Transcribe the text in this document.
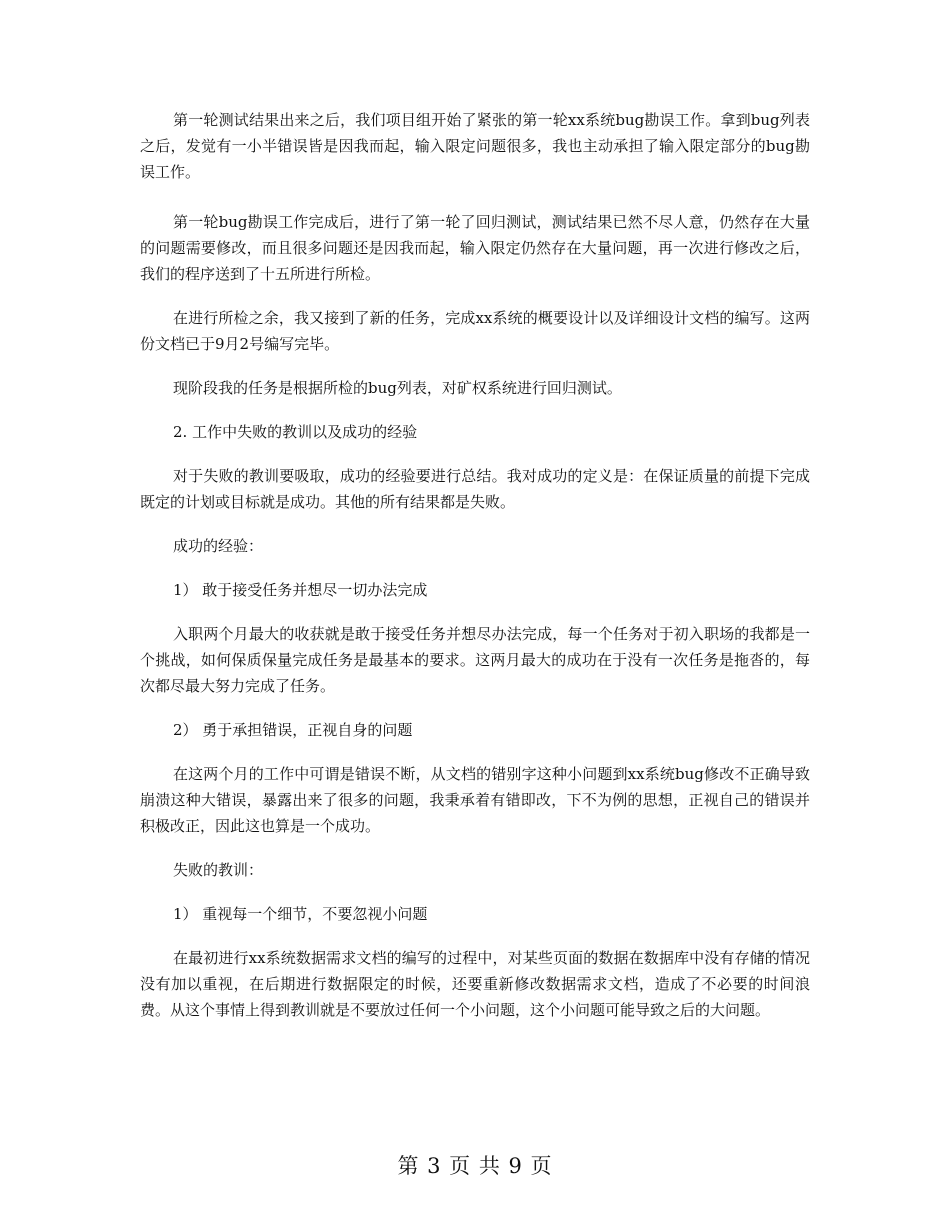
第一轮测试结果出来之后，我们项目组开始了紧张的第一轮xx系统bug勘误工作。拿到bug列表之后，发觉有一小半错误皆是因我而起，输入限定问题很多，我也主动承担了输入限定部分的bug勘误工作。

第一轮bug勘误工作完成后，进行了第一轮了回归测试，测试结果已然不尽人意，仍然存在大量的问题需要修改，而且很多问题还是因我而起，输入限定仍然存在大量问题，再一次进行修改之后，我们的程序送到了十五所进行所检。

在进行所检之余，我又接到了新的任务，完成xx系统的概要设计以及详细设计文档的编写。这两份文档已于9月2号编写完毕。

现阶段我的任务是根据所检的bug列表，对矿权系统进行回归测试。

2. 工作中失败的教训以及成功的经验

对于失败的教训要吸取，成功的经验要进行总结。我对成功的定义是：在保证质量的前提下完成既定的计划或目标就是成功。其他的所有结果都是失败。

成功的经验：

1） 敢于接受任务并想尽一切办法完成

入职两个月最大的收获就是敢于接受任务并想尽办法完成，每一个任务对于初入职场的我都是一个挑战，如何保质保量完成任务是最基本的要求。这两月最大的成功在于没有一次任务是拖沓的，每次都尽最大努力完成了任务。

2） 勇于承担错误，正视自身的问题

在这两个月的工作中可谓是错误不断，从文档的错别字这种小问题到xx系统bug修改不正确导致崩溃这种大错误，暴露出来了很多的问题，我秉承着有错即改，下不为例的思想，正视自己的错误并积极改正，因此这也算是一个成功。

失败的教训：

1） 重视每一个细节，不要忽视小问题

在最初进行xx系统数据需求文档的编写的过程中，对某些页面的数据在数据库中没有存储的情况没有加以重视，在后期进行数据限定的时候，还要重新修改数据需求文档，造成了不必要的时间浪费。从这个事情上得到教训就是不要放过任何一个小问题，这个小问题可能导致之后的大问题。

第 3 页 共 9 页
